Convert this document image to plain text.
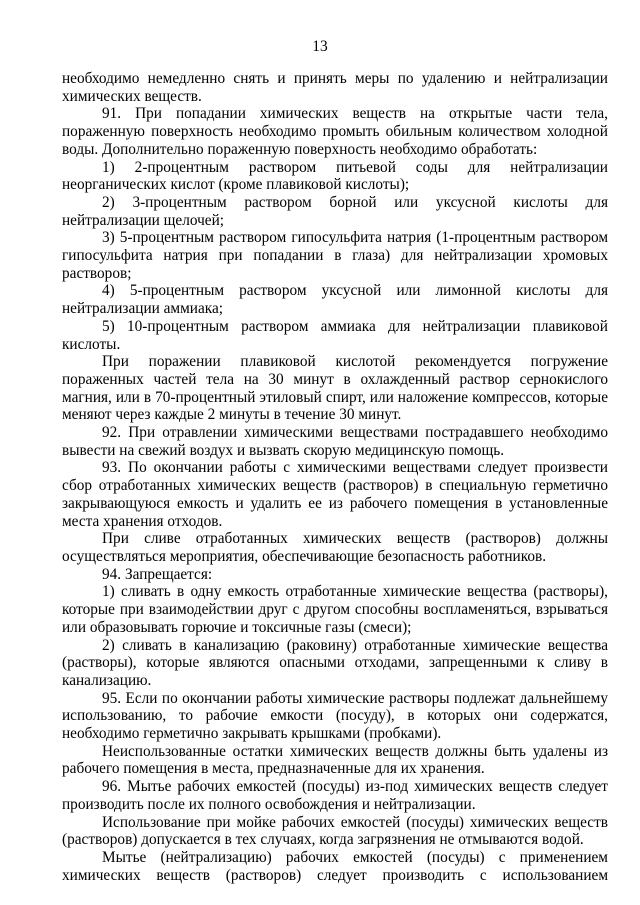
13

необходимо немедленно снять и принять меры по удалению и нейтрализации химических веществ.

91. При попадании химических веществ на открытые части тела, пораженную поверхность необходимо промыть обильным количеством холодной воды. Дополнительно пораженную поверхность необходимо обработать:

1) 2-процентным раствором питьевой соды для нейтрализации неорганических кислот (кроме плавиковой кислоты);

2) 3-процентным раствором борной или уксусной кислоты для нейтрализации щелочей;

3) 5-процентным раствором гипосульфита натрия (1-процентным раствором гипосульфита натрия при попадании в глаза) для нейтрализации хромовых растворов;

4) 5-процентным раствором уксусной или лимонной кислоты для нейтрализации аммиака;

5) 10-процентным раствором аммиака для нейтрализации плавиковой кислоты.

При поражении плавиковой кислотой рекомендуется погружение пораженных частей тела на 30 минут в охлажденный раствор сернокислого магния, или в 70-процентный этиловый спирт, или наложение компрессов, которые меняют через каждые 2 минуты в течение 30 минут.

92. При отравлении химическими веществами пострадавшего необходимо вывести на свежий воздух и вызвать скорую медицинскую помощь.

93. По окончании работы с химическими веществами следует произвести сбор отработанных химических веществ (растворов) в специальную герметично закрывающуюся емкость и удалить ее из рабочего помещения в установленные места хранения отходов.

При сливе отработанных химических веществ (растворов) должны осуществляться мероприятия, обеспечивающие безопасность работников.

94. Запрещается:

1) сливать в одну емкость отработанные химические вещества (растворы), которые при взаимодействии друг с другом способны воспламеняться, взрываться или образовывать горючие и токсичные газы (смеси);

2) сливать в канализацию (раковину) отработанные химические вещества (растворы), которые являются опасными отходами, запрещенными к сливу в канализацию.

95. Если по окончании работы химические растворы подлежат дальнейшему использованию, то рабочие емкости (посуду), в которых они содержатся, необходимо герметично закрывать крышками (пробками).

Неиспользованные остатки химических веществ должны быть удалены из рабочего помещения в места, предназначенные для их хранения.

96. Мытье рабочих емкостей (посуды) из-под химических веществ следует производить после их полного освобождения и нейтрализации.

Использование при мойке рабочих емкостей (посуды) химических веществ (растворов) допускается в тех случаях, когда загрязнения не отмываются водой.

Мытье (нейтрализацию) рабочих емкостей (посуды) с применением химических веществ (растворов) следует производить с использованием
